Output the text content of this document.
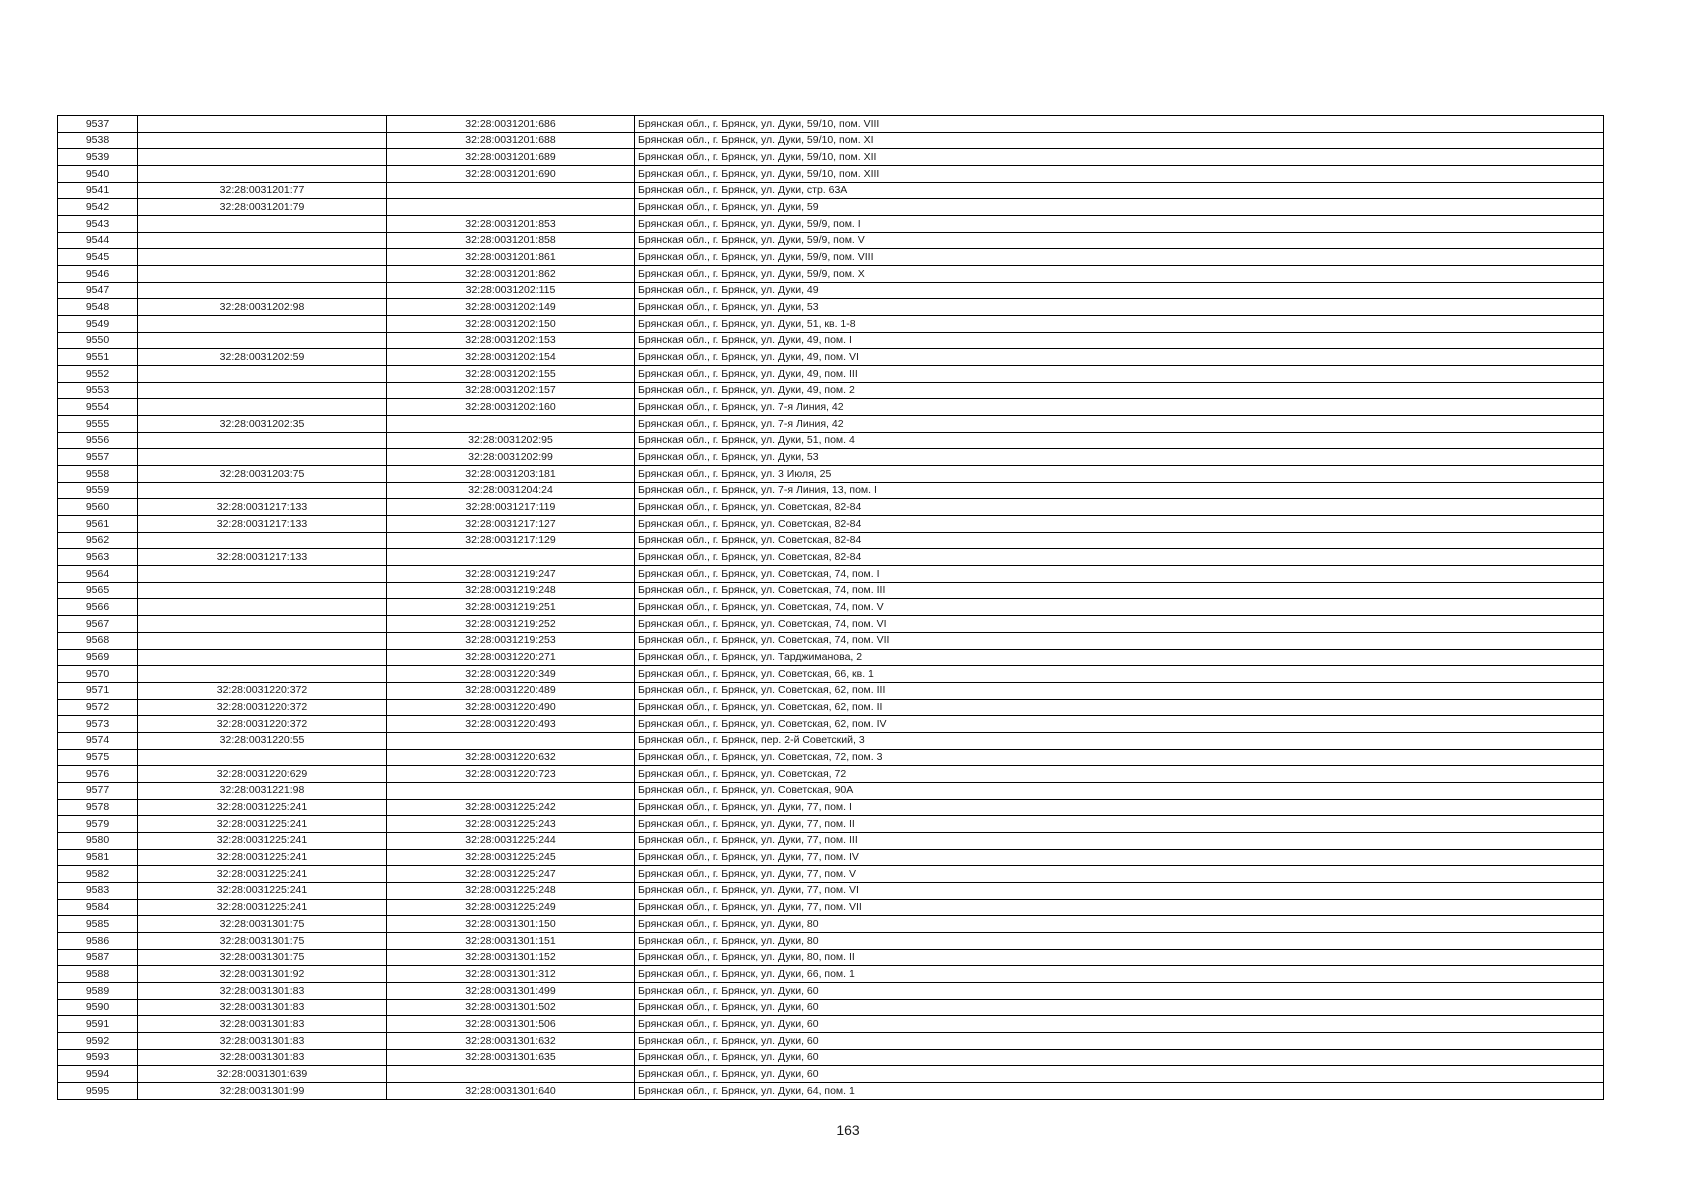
9537		32:28:0031201:686	Брянская обл., г. Брянск, ул. Дуки, 59/10, пом. VIII
9538		32:28:0031201:688	Брянская обл., г. Брянск, ул. Дуки, 59/10, пом. XI
9539		32:28:0031201:689	Брянская обл., г. Брянск, ул. Дуки, 59/10, пом. XII
9540		32:28:0031201:690	Брянская обл., г. Брянск, ул. Дуки, 59/10, пом. XIII
9541	32:28:0031201:77		Брянская обл., г. Брянск, ул. Дуки, стр. 63А
9542	32:28:0031201:79		Брянская обл., г. Брянск, ул. Дуки, 59
9543		32:28:0031201:853	Брянская обл., г. Брянск, ул. Дуки, 59/9, пом. I
9544		32:28:0031201:858	Брянская обл., г. Брянск, ул. Дуки, 59/9, пом. V
9545		32:28:0031201:861	Брянская обл., г. Брянск, ул. Дуки, 59/9, пом. VIII
9546		32:28:0031201:862	Брянская обл., г. Брянск, ул. Дуки, 59/9, пом. X
9547		32:28:0031202:115	Брянская обл., г. Брянск, ул. Дуки, 49
9548	32:28:0031202:98	32:28:0031202:149	Брянская обл., г. Брянск, ул. Дуки, 53
9549		32:28:0031202:150	Брянская обл., г. Брянск, ул. Дуки, 51, кв. 1-8
9550		32:28:0031202:153	Брянская обл., г. Брянск, ул. Дуки, 49, пом. I
9551	32:28:0031202:59	32:28:0031202:154	Брянская обл., г. Брянск, ул. Дуки, 49, пом. VI
9552		32:28:0031202:155	Брянская обл., г. Брянск, ул. Дуки, 49, пом. III
9553		32:28:0031202:157	Брянская обл., г. Брянск, ул. Дуки, 49, пом. 2
9554		32:28:0031202:160	Брянская обл., г. Брянск, ул. 7-я Линия, 42
9555	32:28:0031202:35		Брянская обл., г. Брянск, ул. 7-я Линия, 42
9556		32:28:0031202:95	Брянская обл., г. Брянск, ул. Дуки, 51, пом. 4
9557		32:28:0031202:99	Брянская обл., г. Брянск, ул. Дуки, 53
9558	32:28:0031203:75	32:28:0031203:181	Брянская обл., г. Брянск, ул. 3 Июля, 25
9559		32:28:0031204:24	Брянская обл., г. Брянск, ул. 7-я Линия, 13, пом. I
9560	32:28:0031217:133	32:28:0031217:119	Брянская обл., г. Брянск, ул. Советская, 82-84
9561	32:28:0031217:133	32:28:0031217:127	Брянская обл., г. Брянск, ул. Советская, 82-84
9562		32:28:0031217:129	Брянская обл., г. Брянск, ул. Советская, 82-84
9563	32:28:0031217:133		Брянская обл., г. Брянск, ул. Советская, 82-84
9564		32:28:0031219:247	Брянская обл., г. Брянск, ул. Советская, 74, пом. I
9565		32:28:0031219:248	Брянская обл., г. Брянск, ул. Советская, 74, пом. III
9566		32:28:0031219:251	Брянская обл., г. Брянск, ул. Советская, 74, пом. V
9567		32:28:0031219:252	Брянская обл., г. Брянск, ул. Советская, 74, пом. VI
9568		32:28:0031219:253	Брянская обл., г. Брянск, ул. Советская, 74, пом. VII
9569		32:28:0031220:271	Брянская обл., г. Брянск, ул. Тарджиманова, 2
9570		32:28:0031220:349	Брянская обл., г. Брянск, ул. Советская, 66, кв. 1
9571	32:28:0031220:372	32:28:0031220:489	Брянская обл., г. Брянск, ул. Советская, 62, пом. III
9572	32:28:0031220:372	32:28:0031220:490	Брянская обл., г. Брянск, ул. Советская, 62, пом. II
9573	32:28:0031220:372	32:28:0031220:493	Брянская обл., г. Брянск, ул. Советская, 62, пом. IV
9574	32:28:0031220:55		Брянская обл., г. Брянск, пер. 2-й Советский, 3
9575		32:28:0031220:632	Брянская обл., г. Брянск, ул. Советская, 72, пом. 3
9576	32:28:0031220:629	32:28:0031220:723	Брянская обл., г. Брянск, ул. Советская, 72
9577	32:28:0031221:98		Брянская обл., г. Брянск, ул. Советская, 90А
9578	32:28:0031225:241	32:28:0031225:242	Брянская обл., г. Брянск, ул. Дуки, 77, пом. I
9579	32:28:0031225:241	32:28:0031225:243	Брянская обл., г. Брянск, ул. Дуки, 77, пом. II
9580	32:28:0031225:241	32:28:0031225:244	Брянская обл., г. Брянск, ул. Дуки, 77, пом. III
9581	32:28:0031225:241	32:28:0031225:245	Брянская обл., г. Брянск, ул. Дуки, 77, пом. IV
9582	32:28:0031225:241	32:28:0031225:247	Брянская обл., г. Брянск, ул. Дуки, 77, пом. V
9583	32:28:0031225:241	32:28:0031225:248	Брянская обл., г. Брянск, ул. Дуки, 77, пом. VI
9584	32:28:0031225:241	32:28:0031225:249	Брянская обл., г. Брянск, ул. Дуки, 77, пом. VII
9585	32:28:0031301:75	32:28:0031301:150	Брянская обл., г. Брянск, ул. Дуки, 80
9586	32:28:0031301:75	32:28:0031301:151	Брянская обл., г. Брянск, ул. Дуки, 80
9587	32:28:0031301:75	32:28:0031301:152	Брянская обл., г. Брянск, ул. Дуки, 80, пом. II
9588	32:28:0031301:92	32:28:0031301:312	Брянская обл., г. Брянск, ул. Дуки, 66, пом. 1
9589	32:28:0031301:83	32:28:0031301:499	Брянская обл., г. Брянск, ул. Дуки, 60
9590	32:28:0031301:83	32:28:0031301:502	Брянская обл., г. Брянск, ул. Дуки, 60
9591	32:28:0031301:83	32:28:0031301:506	Брянская обл., г. Брянск, ул. Дуки, 60
9592	32:28:0031301:83	32:28:0031301:632	Брянская обл., г. Брянск, ул. Дуки, 60
9593	32:28:0031301:83	32:28:0031301:635	Брянская обл., г. Брянск, ул. Дуки, 60
9594	32:28:0031301:639		Брянская обл., г. Брянск, ул. Дуки, 60
9595	32:28:0031301:99	32:28:0031301:640	Брянская обл., г. Брянск, ул. Дуки, 64, пом. 1
163
